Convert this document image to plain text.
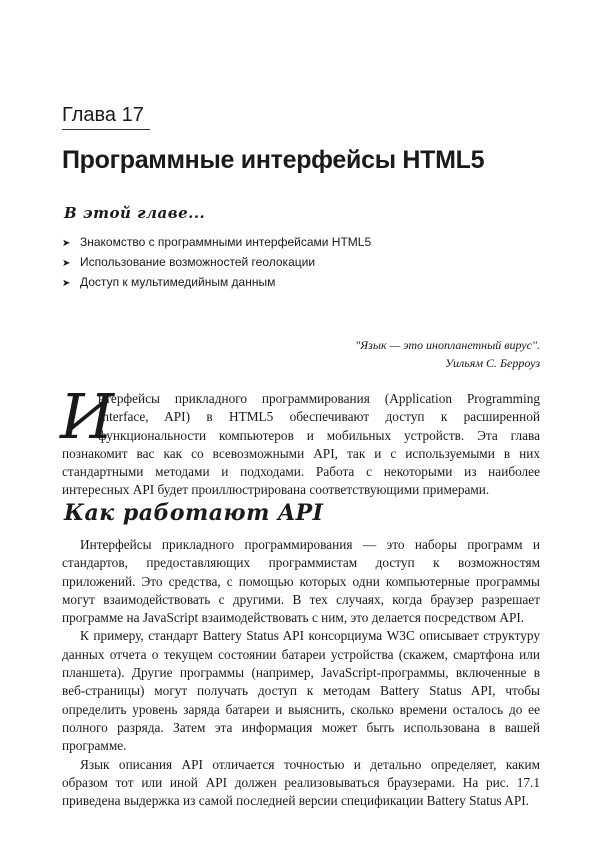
Глава 17
Программные интерфейсы HTML5
В этой главе...
➤ Знакомство с программными интерфейсами HTML5
➤ Использование возможностей геолокации
➤ Доступ к мультимедийным данным
"Язык — это инопланетный вирус".
Уильям С. Берроуз
И
нтерфейсы прикладного программирования (Application Programming Interface, API) в HTML5 обеспечивают доступ к расширенной функциональности компьютеров и мобильных устройств. Эта глава познакомит вас как со всевозможными API, так и с используемыми в них стандартными методами и подходами. Работа с некоторыми из наиболее интересных API будет проиллюстрирована соответствующими примерами.
Как работают API

Интерфейсы прикладного программирования — это наборы программ и стандартов, предоставляющих программистам доступ к возможностям приложений. Это средства, с помощью которых одни компьютерные программы могут взаимодействовать с другими. В тех случаях, когда браузер разрешает программе на JavaScript взаимодействовать с ним, это делается посредством API.

К примеру, стандарт Battery Status API консорциума W3C описывает структуру данных отчета о текущем состоянии батареи устройства (скажем, смартфона или планшета). Другие программы (например, JavaScript-программы, включенные в веб-страницы) могут получать доступ к методам Battery Status API, чтобы определить уровень заряда батареи и выяснить, сколько времени осталось до ее полного разряда. Затем эта информация может быть использована в вашей программе.

Язык описания API отличается точностью и детально определяет, каким образом тот или иной API должен реализовываться браузерами. На рис. 17.1 приведена выдержка из самой последней версии спецификации Battery Status API.
